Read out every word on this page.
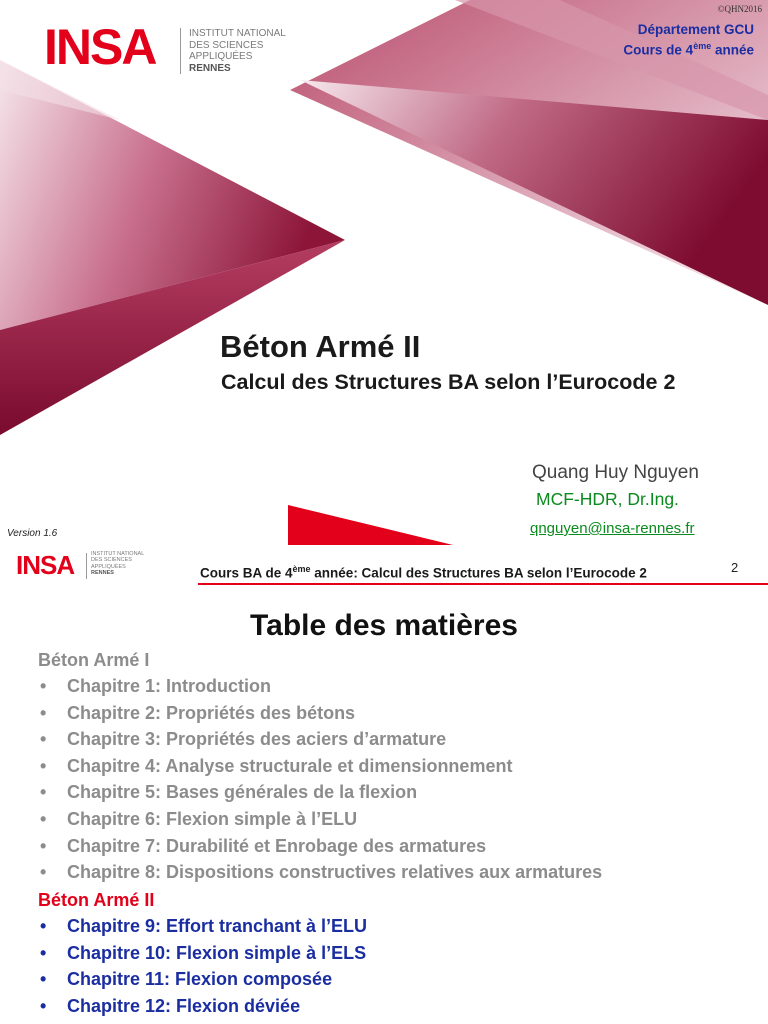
INSA	INSTITUT NATIONAL
DES SCIENCES
APPLIQUÉES
RENNES
©QHN2016
Département GCU
Cours de 4ème année
Béton Armé II
Calcul des Structures BA selon l’Eurocode 2
Quang Huy Nguyen
MCF-HDR, Dr.Ing.
qnguyen@insa-rennes.fr
Version 1.6
INSA	INSTITUT NATIONAL
DES SCIENCES
APPLIQUÉES
RENNES	Cours BA de 4ème année: Calcul des Structures BA selon l’Eurocode 2	2
Table des matières
Béton Armé I
• Chapitre 1: Introduction
• Chapitre 2: Propriétés des bétons
• Chapitre 3: Propriétés des aciers d’armature
• Chapitre 4: Analyse structurale et dimensionnement
• Chapitre 5: Bases générales de la flexion
• Chapitre 6: Flexion simple à l’ELU
• Chapitre 7: Durabilité et Enrobage des armatures
• Chapitre 8: Dispositions constructives relatives aux armatures
Béton Armé II
• Chapitre 9: Effort tranchant à l’ELU
• Chapitre 10: Flexion simple à l’ELS
• Chapitre 11: Flexion composée
• Chapitre 12: Flexion déviée
